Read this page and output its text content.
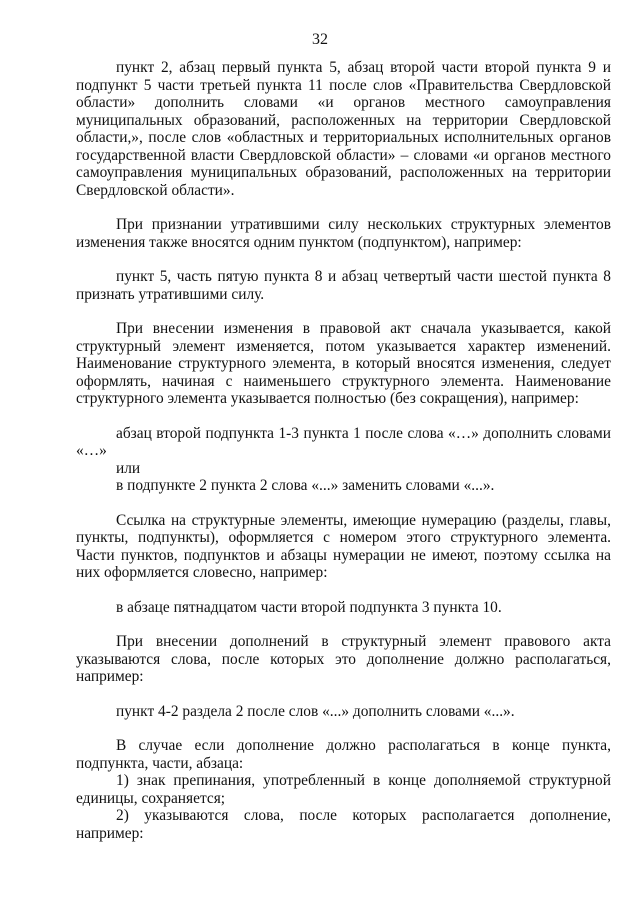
32

пункт 2, абзац первый пункта 5, абзац второй части второй пункта 9 и подпункт 5 части третьей пункта 11 после слов «Правительства Свердловской области» дополнить словами «и органов местного самоуправления муниципальных образований, расположенных на территории Свердловской области,», после слов «областных и территориальных исполнительных органов государственной власти Свердловской области» – словами «и органов местного самоуправления муниципальных образований, расположенных на территории Свердловской области».

При признании утратившими силу нескольких структурных элементов изменения также вносятся одним пунктом (подпунктом), например:

пункт 5, часть пятую пункта 8 и абзац четвертый части шестой пункта 8 признать утратившими силу.

При внесении изменения в правовой акт сначала указывается, какой структурный элемент изменяется, потом указывается характер изменений. Наименование структурного элемента, в который вносятся изменения, следует оформлять, начиная с наименьшего структурного элемента. Наименование структурного элемента указывается полностью (без сокращения), например:

абзац второй подпункта 1-3 пункта 1 после слова «…» дополнить словами «…»

или

в подпункте 2 пункта 2 слова «...» заменить словами «...».

Ссылка на структурные элементы, имеющие нумерацию (разделы, главы, пункты, подпункты), оформляется с номером этого структурного элемента. Части пунктов, подпунктов и абзацы нумерации не имеют, поэтому ссылка на них оформляется словесно, например:

в абзаце пятнадцатом части второй подпункта 3 пункта 10.

При внесении дополнений в структурный элемент правового акта указываются слова, после которых это дополнение должно располагаться, например:

пункт 4-2 раздела 2 после слов «...» дополнить словами «...».

В случае если дополнение должно располагаться в конце пункта, подпункта, части, абзаца:

1) знак препинания, употребленный в конце дополняемой структурной единицы, сохраняется;

2) указываются слова, после которых располагается дополнение, например:
